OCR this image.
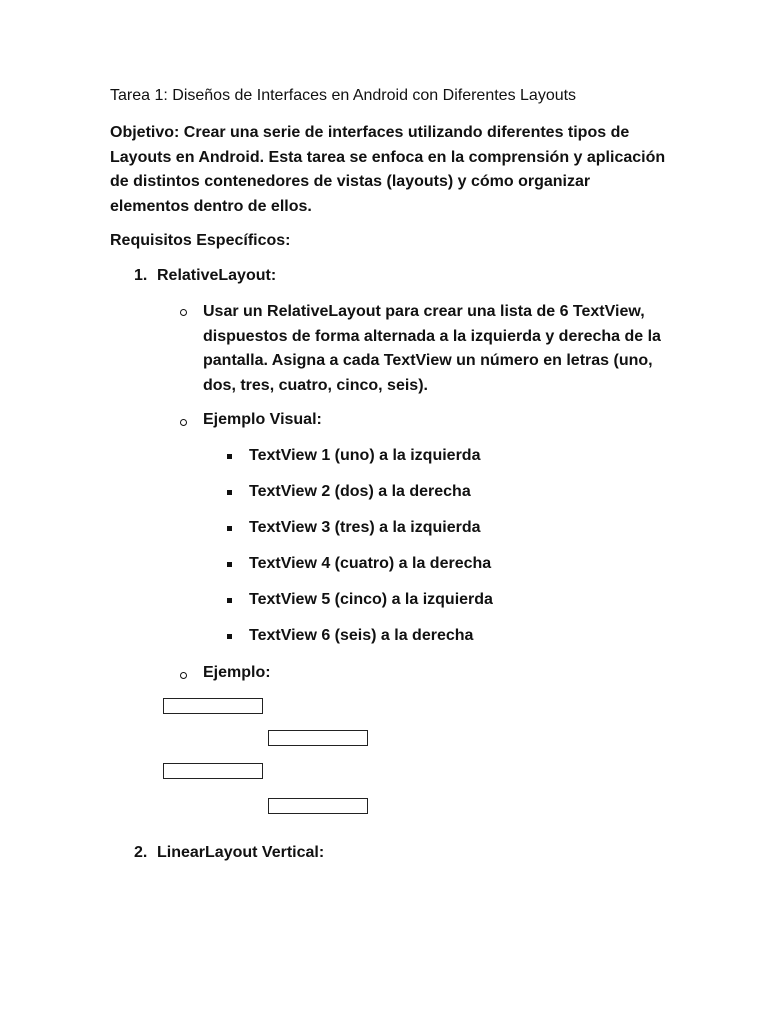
Tarea 1: Diseños de Interfaces en Android con Diferentes Layouts

Objetivo: Crear una serie de interfaces utilizando diferentes tipos de
Layouts en Android. Esta tarea se enfoca en la comprensión y aplicación
de distintos contenedores de vistas (layouts) y cómo organizar
elementos dentro de ellos.

Requisitos Específicos:
1. RelativeLayout:

Usar un RelativeLayout para crear una lista de 6 TextView,
dispuestos de forma alternada a la izquierda y derecha de la
pantalla. Asigna a cada TextView un número en letras (uno,
dos, tres, cuatro, cinco, seis).

Ejemplo Visual:
TextView 1 (uno) a la izquierda
TextView 2 (dos) a la derecha
TextView 3 (tres) a la izquierda
TextView 4 (cuatro) a la derecha
TextView 5 (cinco) a la izquierda
TextView 6 (seis) a la derecha
Ejemplo:
2. LinearLayout Vertical:
